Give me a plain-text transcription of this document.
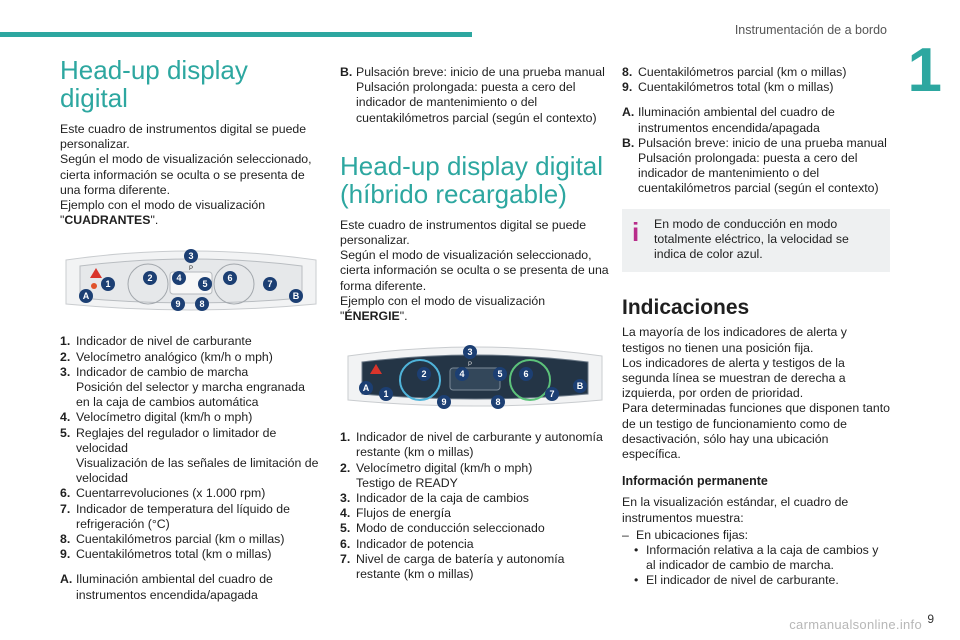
Instrumentación de a bordo
1
Head-up display digital

Este cuadro de instrumentos digital se puede personalizar.
Según el modo de visualización seleccionado, cierta información se oculta o se presenta de una forma diferente.
Ejemplo con el modo de visualización
"CUADRANTES".

1
2
3
4
5
6
7
8
9
A	B
P
1. Indicador de nivel de carburante
2. Velocímetro analógico (km/h o mph)
3. Indicador de cambio de marcha
Posición del selector y marcha engranada en la caja de cambios automática
4. Velocímetro digital (km/h o mph)
5. Reglajes del regulador o limitador de velocidad
Visualización de las señales de limitación de velocidad
6. Cuentarrevoluciones (x 1.000 rpm)
7. Indicador de temperatura del líquido de refrigeración (°C)
8. Cuentakilómetros parcial (km o millas)
9. Cuentakilómetros total (km o millas)
A. Iluminación ambiental del cuadro de instrumentos encendida/apagada
B. Pulsación breve: inicio de una prueba manual
Pulsación prolongada: puesta a cero del indicador de mantenimiento o del cuentakilómetros parcial (según el contexto)
Head-up display digital (híbrido recargable)

Este cuadro de instrumentos digital se puede personalizar.
Según el modo de visualización seleccionado, cierta información se oculta o se presenta de una forma diferente.
Ejemplo con el modo de visualización
"ÉNERGIE".

1
2
3
4	5 6
7
8
9
A	B
P
1. Indicador de nivel de carburante y autonomía restante (km o millas)
2. Velocímetro digital (km/h o mph)
Testigo de READY
3. Indicador de la caja de cambios
4. Flujos de energía
5. Modo de conducción seleccionado
6. Indicador de potencia
7. Nivel de carga de batería y autonomía restante (km o millas)
8. Cuentakilómetros parcial (km o millas)
9. Cuentakilómetros total (km o millas)
A. Iluminación ambiental del cuadro de instrumentos encendida/apagada
B. Pulsación breve: inicio de una prueba manual
Pulsación prolongada: puesta a cero del indicador de mantenimiento o del cuentakilómetros parcial (según el contexto)
i	En modo de conducción en modo totalmente eléctrico, la velocidad se indica de color azul.
Indicaciones

La mayoría de los indicadores de alerta y testigos no tienen una posición fija.
Los indicadores de alerta y testigos de la segunda línea se muestran de derecha a izquierda, por orden de prioridad.
Para determinadas funciones que disponen tanto de un testigo de funcionamiento como de desactivación, sólo hay una ubicación específica.

Información permanente

En la visualización estándar, el cuadro de instrumentos muestra:

– En ubicaciones fijas:
• Información relativa a la caja de cambios y al indicador de cambio de marcha.
• El indicador de nivel de carburante.
9
carmanualsonline.info
